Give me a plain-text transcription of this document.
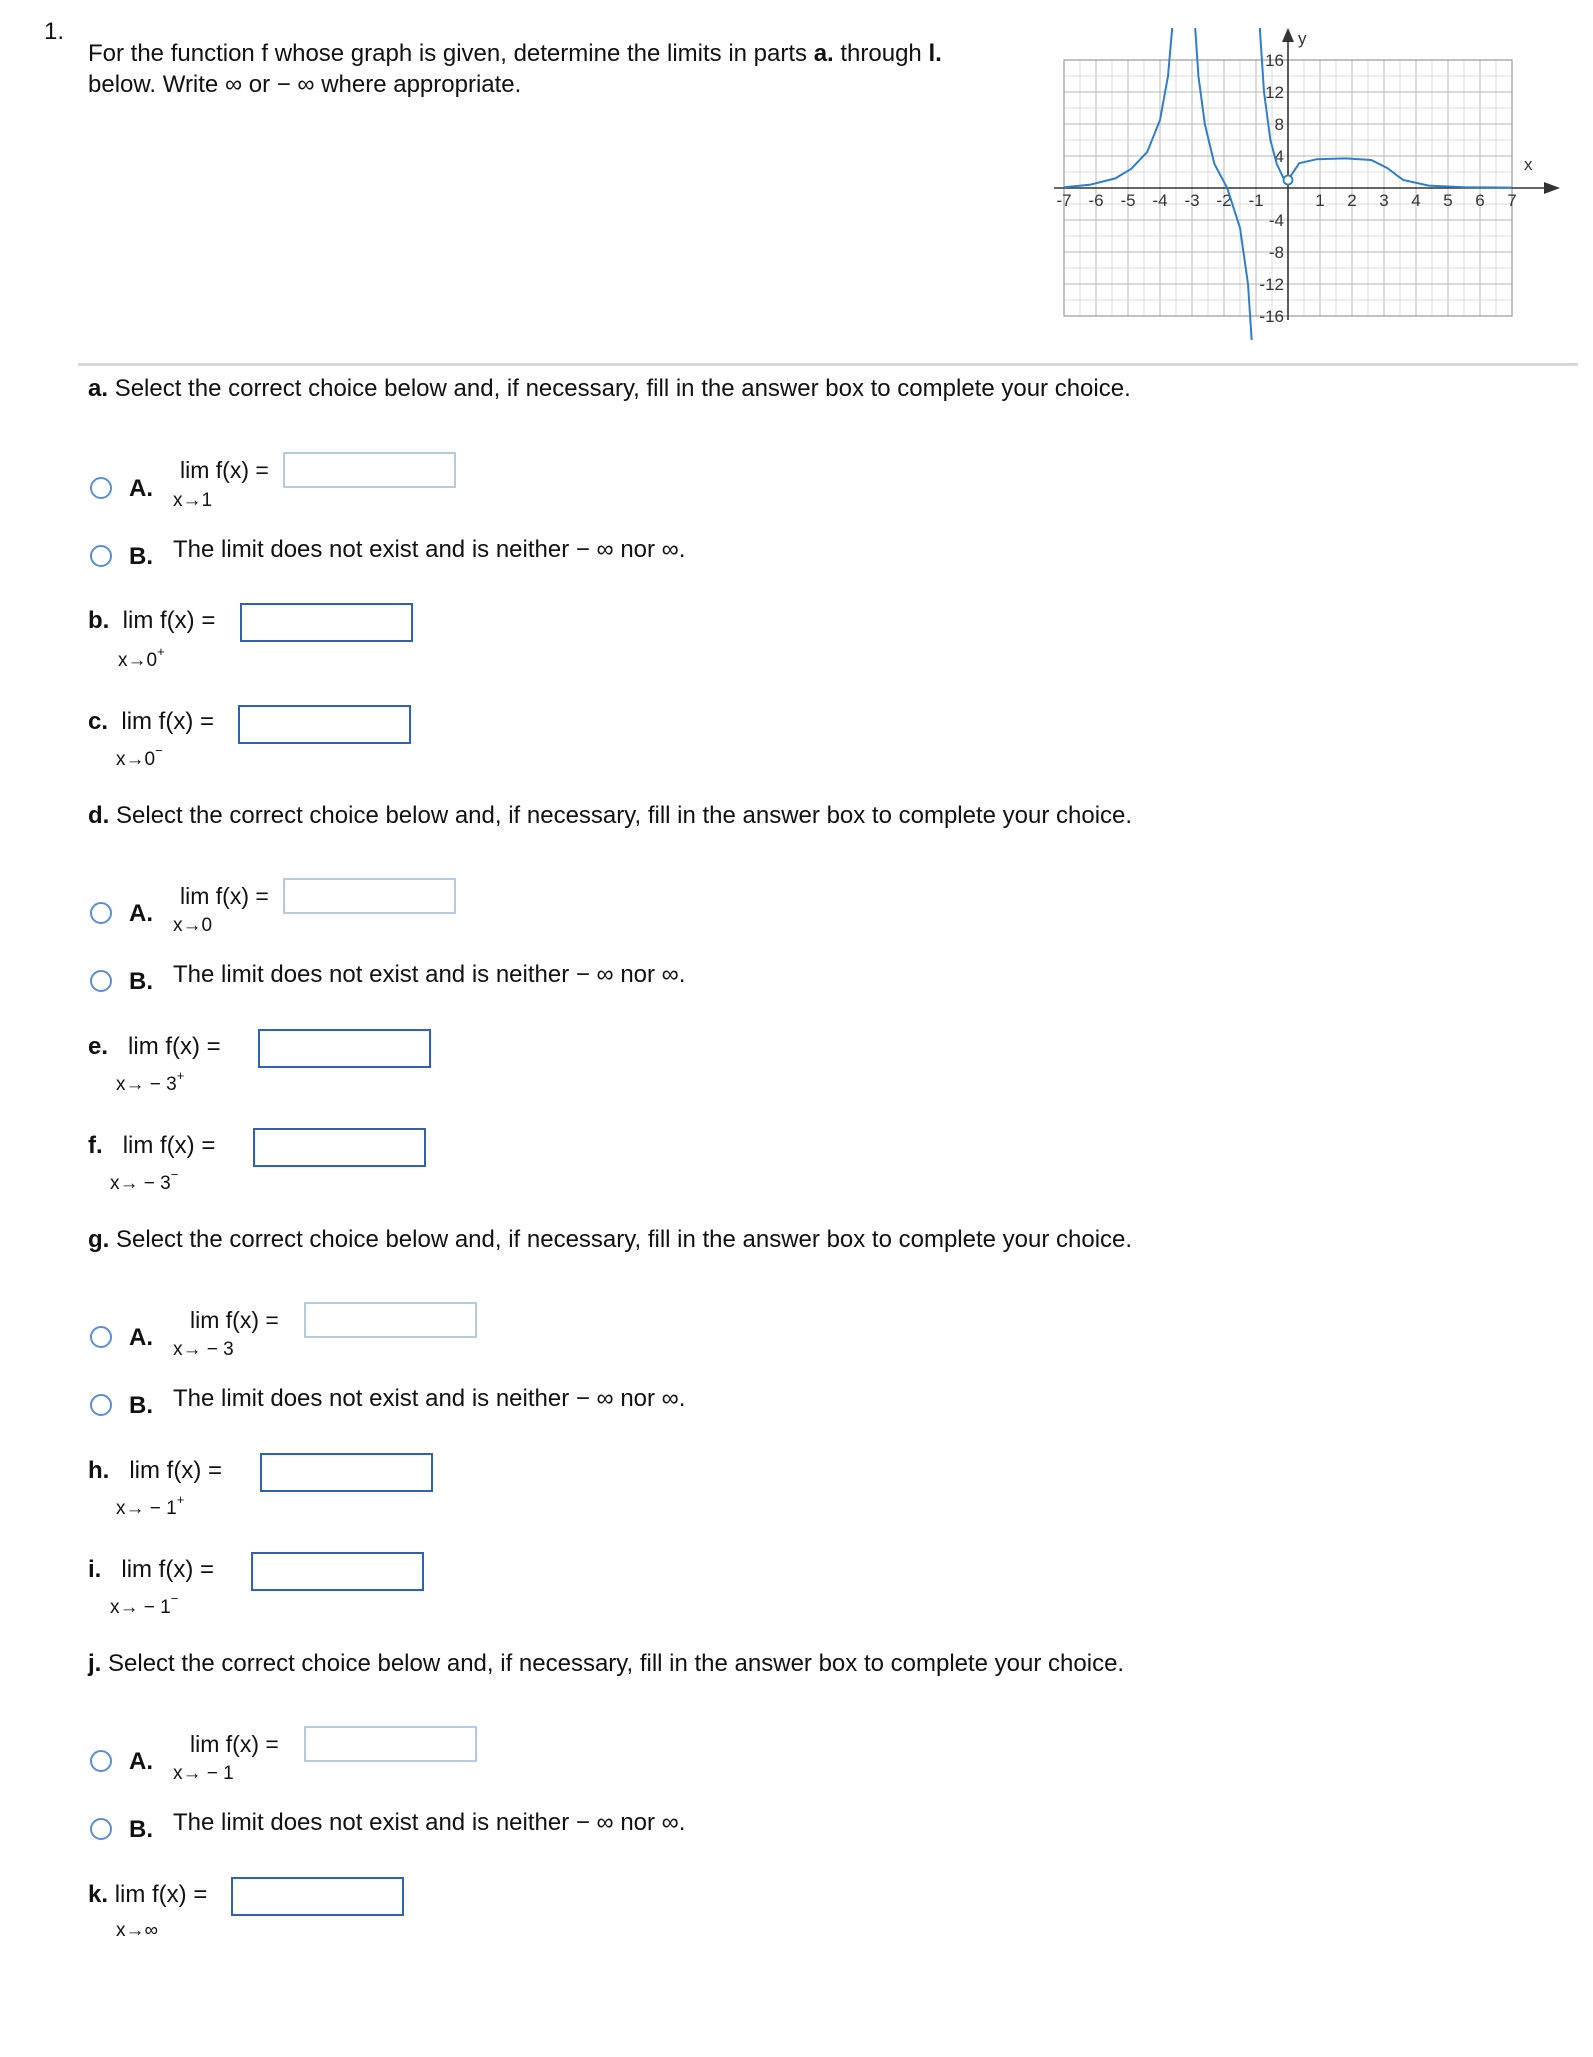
1.
For the function f whose graph is given, determine the limits in parts a. through l.
below. Write ∞ or − ∞ where appropriate.
-7 -6 -5 -4 -3 -2 -1	1 2 3 4 5 6 7
16
12
8
4
-4
-8
-12
-16
x
y
a. Select the correct choice below and, if necessary, fill in the answer box to complete your choice.
A.
lim f(x) =
x→1
B. The limit does not exist and is neither − ∞ nor ∞.
b. lim f(x) =
x→0+
c. lim f(x) =
x→0−
d. Select the correct choice below and, if necessary, fill in the answer box to complete your choice.
A.
lim f(x) =
x→0
B. The limit does not exist and is neither − ∞ nor ∞.
e. lim f(x) =
x→ − 3+
f. lim f(x) =
x→ − 3−
g. Select the correct choice below and, if necessary, fill in the answer box to complete your choice.
A.
lim f(x) =
x→ − 3
B. The limit does not exist and is neither − ∞ nor ∞.
h. lim f(x) =
x→ − 1+
i. lim f(x) =
x→ − 1−
j. Select the correct choice below and, if necessary, fill in the answer box to complete your choice.
A.
lim f(x) =
x→ − 1
B. The limit does not exist and is neither − ∞ nor ∞.
k. lim f(x) =
x→∞
